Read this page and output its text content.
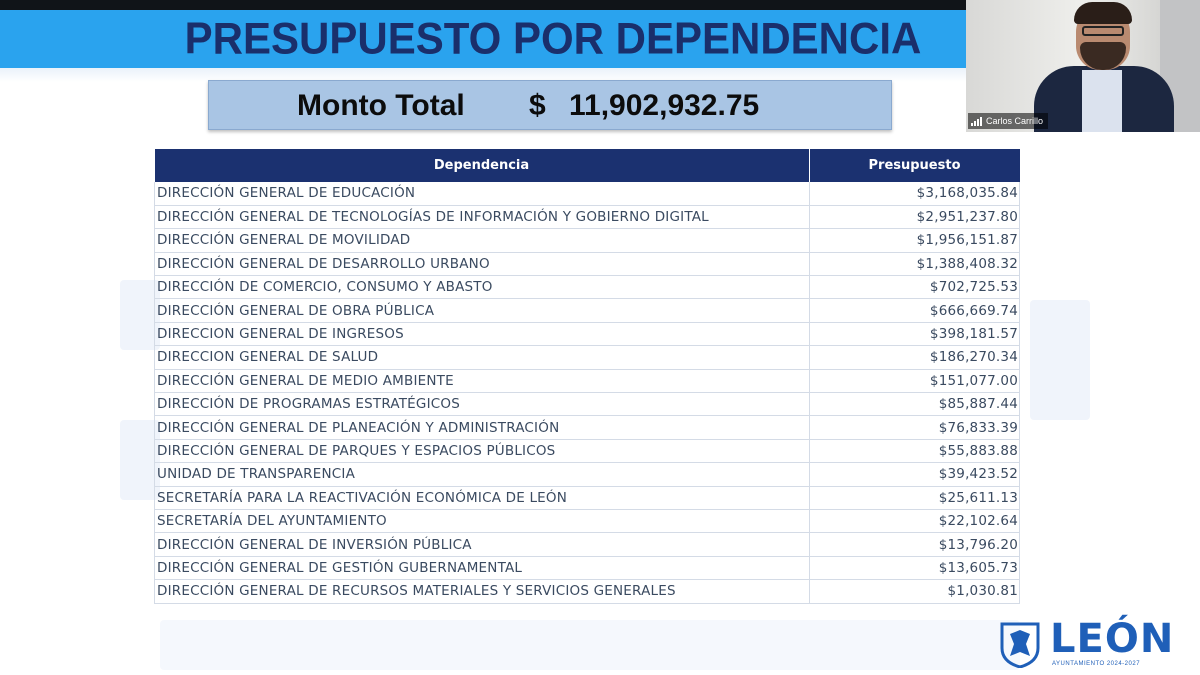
PRESUPUESTO POR DEPENDENCIA
Monto Total $ 11,902,932.75
Dependencia	Presupuesto
DIRECCIÓN GENERAL DE EDUCACIÓN	$3,168,035.84
DIRECCIÓN GENERAL DE TECNOLOGÍAS DE INFORMACIÓN Y GOBIERNO DIGITAL	$2,951,237.80
DIRECCIÓN GENERAL DE MOVILIDAD	$1,956,151.87
DIRECCIÓN GENERAL DE DESARROLLO URBANO	$1,388,408.32
DIRECCIÓN DE COMERCIO, CONSUMO Y ABASTO	$702,725.53
DIRECCIÓN GENERAL DE OBRA PÚBLICA	$666,669.74
DIRECCION GENERAL DE INGRESOS	$398,181.57
DIRECCION GENERAL DE SALUD	$186,270.34
DIRECCIÓN GENERAL DE MEDIO AMBIENTE	$151,077.00
DIRECCIÓN DE PROGRAMAS ESTRATÉGICOS	$85,887.44
DIRECCIÓN GENERAL DE PLANEACIÓN Y ADMINISTRACIÓN	$76,833.39
DIRECCIÓN GENERAL DE PARQUES Y ESPACIOS PÚBLICOS	$55,883.88
UNIDAD DE TRANSPARENCIA	$39,423.52
SECRETARÍA PARA LA REACTIVACIÓN ECONÓMICA DE LEÓN	$25,611.13
SECRETARÍA DEL AYUNTAMIENTO	$22,102.64
DIRECCIÓN GENERAL DE INVERSIÓN PÚBLICA	$13,796.20
DIRECCIÓN GENERAL DE GESTIÓN GUBERNAMENTAL	$13,605.73
DIRECCIÓN GENERAL DE RECURSOS MATERIALES Y SERVICIOS GENERALES	$1,030.81
Carlos Carrillo
LEÓN
AYUNTAMIENTO 2024-2027
